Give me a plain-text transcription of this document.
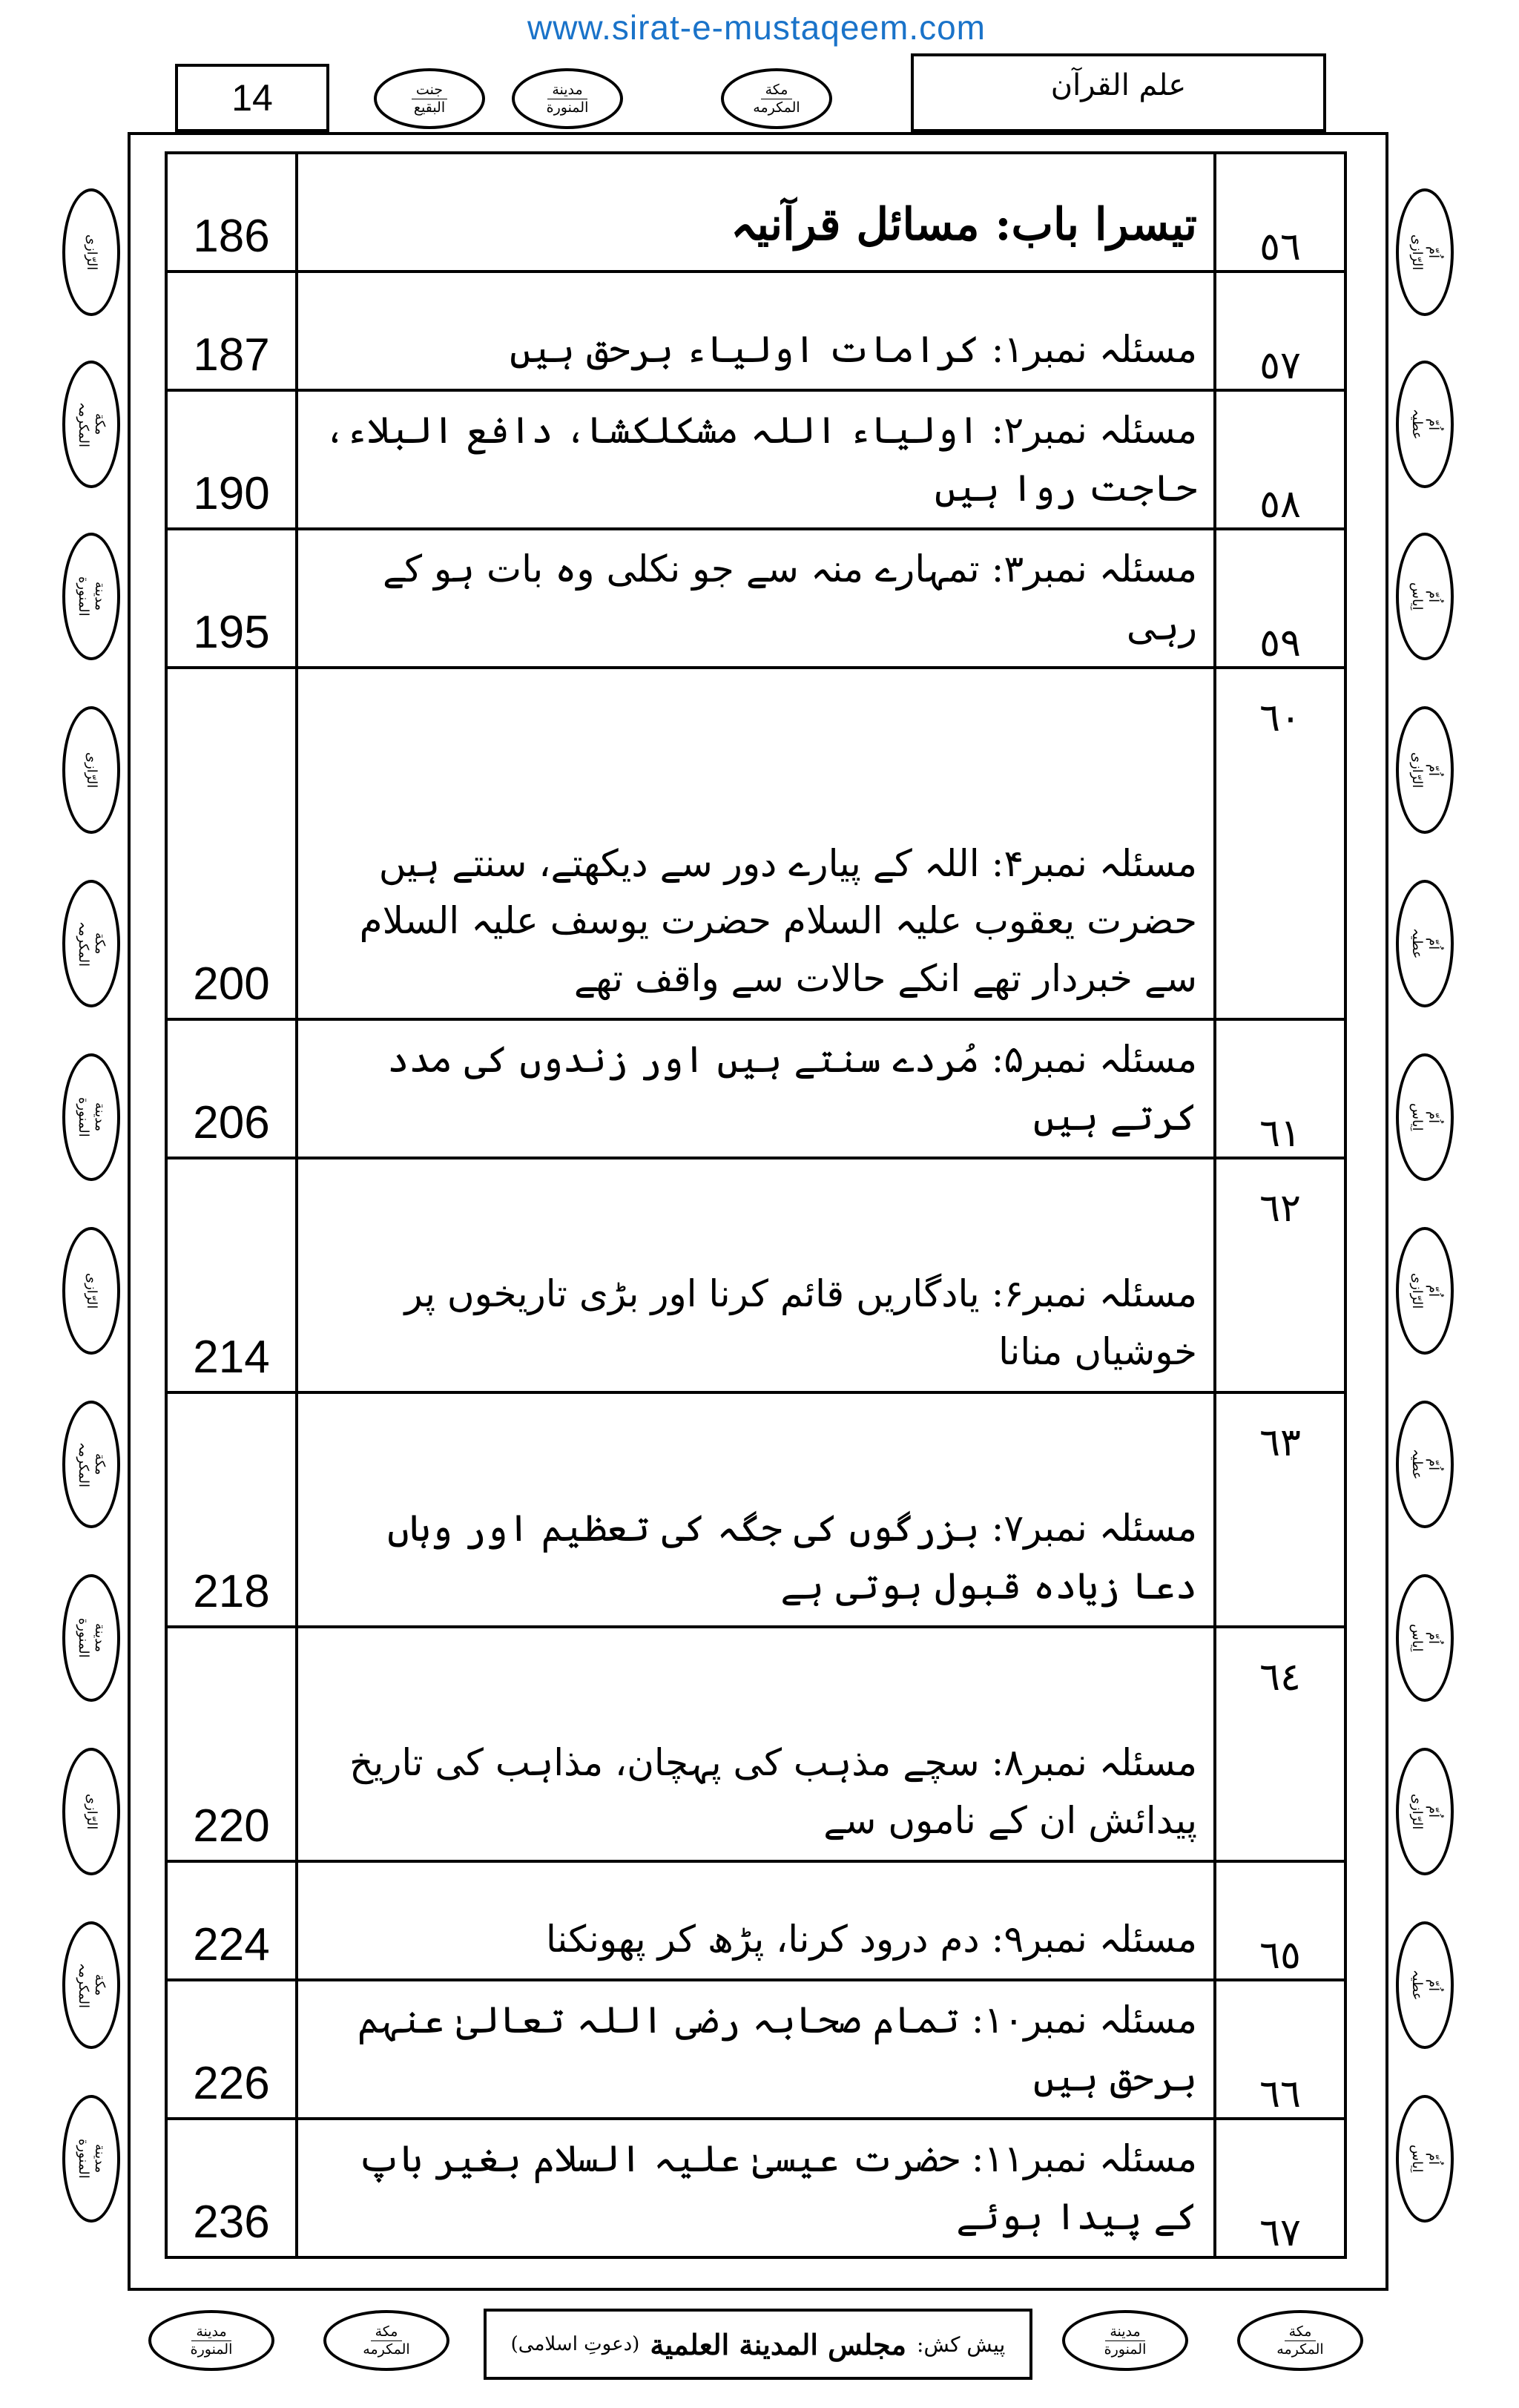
www.sirat-e-mustaqeem.com
14	جنت
البقیع
مدینة
المنورة
مکة
المکرمه
علم القرآن
الرّازی
مکة
المکرمہ
مدینة
المنورة
الرّازی
مکة
المکرمہ
مدینة
المنورة
الرّازی
مکة
المکرمہ
مدینة
المنورة
الرّازی
مکة
المکرمہ
مدینة
المنورة
اُمّ
الرّازی
اُمّ
عطیہ
اُمّ
اِیاس
اُمّ
الرّازی
اُمّ
عطیہ
اُمّ
اِیاس
اُمّ
الرّازی
اُمّ
عطیہ
اُمّ
اِیاس
اُمّ
الرّازی
اُمّ
عطیہ
اُمّ
اِیاس
186	تیسرا باب: مسائل قرآنیہ	٥٦
187	مسئلہ نمبر۱: کرامات اولیاء برحق ہیں	٥٧
190	مسئلہ نمبر۲: اولیاء اللہ مشکلکشا، دافع البلاء، حاجت روا ہیں	٥٨
195	مسئلہ نمبر۳: تمہارے منہ سے جو نکلی وہ بات ہو کے رہی	٥٩
200	مسئلہ نمبر۴: اللہ کے پیارے دور سے دیکھتے، سنتے ہیں حضرت یعقوب علیہ السلام حضرت یوسف علیہ السلام سے خبردار تھے انکے حالات سے واقف تھے	٦٠
206	مسئلہ نمبر۵: مُردے سنتے ہیں اور زندوں کی مدد کرتے ہیں	٦١
214	مسئلہ نمبر۶: یادگاریں قائم کرنا اور بڑی تاریخوں پر خوشیاں منانا	٦٢
218	مسئلہ نمبر۷: بزرگوں کی جگہ کی تعظیم اور وہاں دعا زیادہ قبول ہوتی ہے	٦٣
220	مسئلہ نمبر۸: سچے مذہب کی پہچان، مذاہب کی تاریخ پیدائش ان کے ناموں سے	٦٤
224	مسئلہ نمبر۹: دم درود کرنا، پڑھ کر پھونکنا	٦٥
226	مسئلہ نمبر۱۰: تمام صحابہ رضی اللہ تعالیٰ عنہم برحق ہیں	٦٦
236	مسئلہ نمبر۱۱: حضرت عیسیٰ علیہ السلام بغیر باپ کے پیدا ہوئے	٦٧
مدینة
المنورة
مکة
المکرمه	پیش کش:
مجلس المدینة العلمیة
(دعوتِ اسلامی)
مدینة
المنورة
مکة
المکرمه
